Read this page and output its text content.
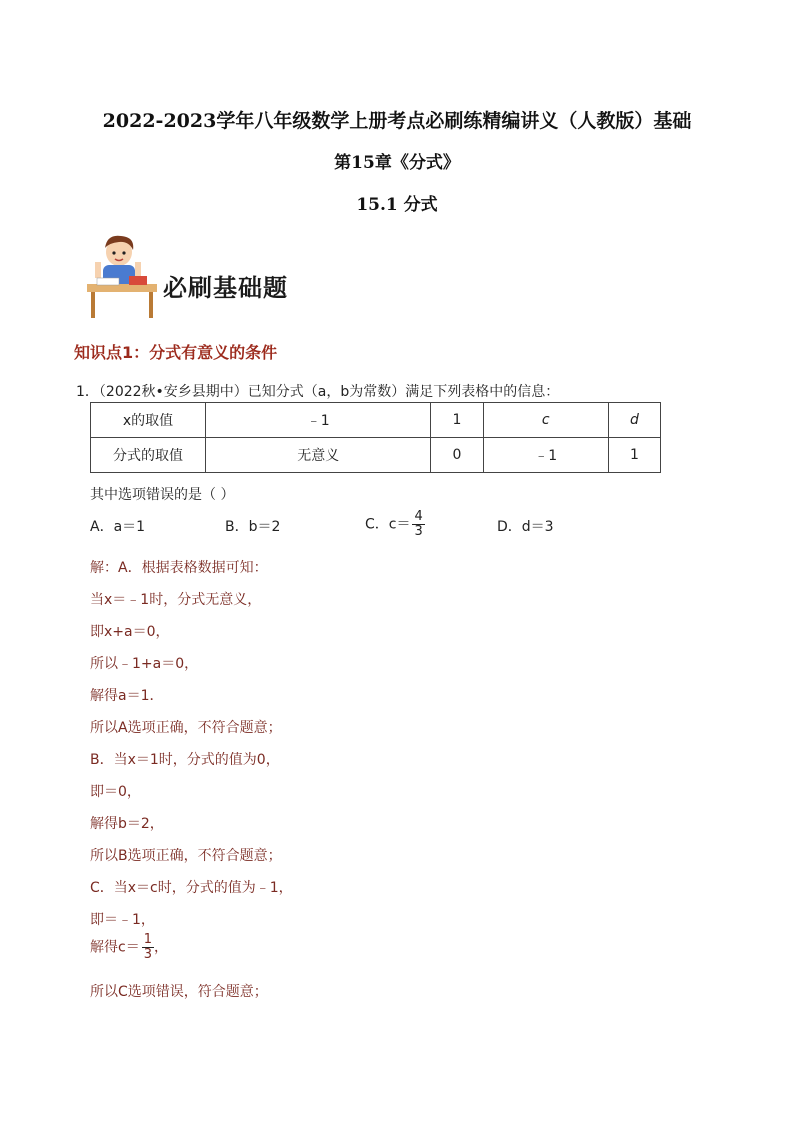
2022-2023学年八年级数学上册考点必刷练精编讲义（人教版）基础
第15章《分式》
15.1 分式
必刷基础题
知识点1：分式有意义的条件
1．（2022秋•安乡县期中）已知分式（a，b为常数）满足下列表格中的信息：
x的取值	﹣1	1	c	d
分式的取值	无意义	0	﹣1	1
其中选项错误的是（ ）
A．a＝1	B．b＝2	C．$c= \frac{4}{3}$	D．d＝3
解：A．根据表格数据可知：
当x＝﹣1时，分式无意义，
即x+a＝0，
所以﹣1+a＝0，
解得a＝1．
所以A选项正确，不符合题意；
B．当x＝1时，分式的值为0，
即＝0，
解得b＝2，
所以B选项正确，不符合题意；
C．当x＝c时，分式的值为﹣1，
即＝﹣1，
解得$c= \frac{1}{3}$ ，
所以C选项错误，符合题意；
